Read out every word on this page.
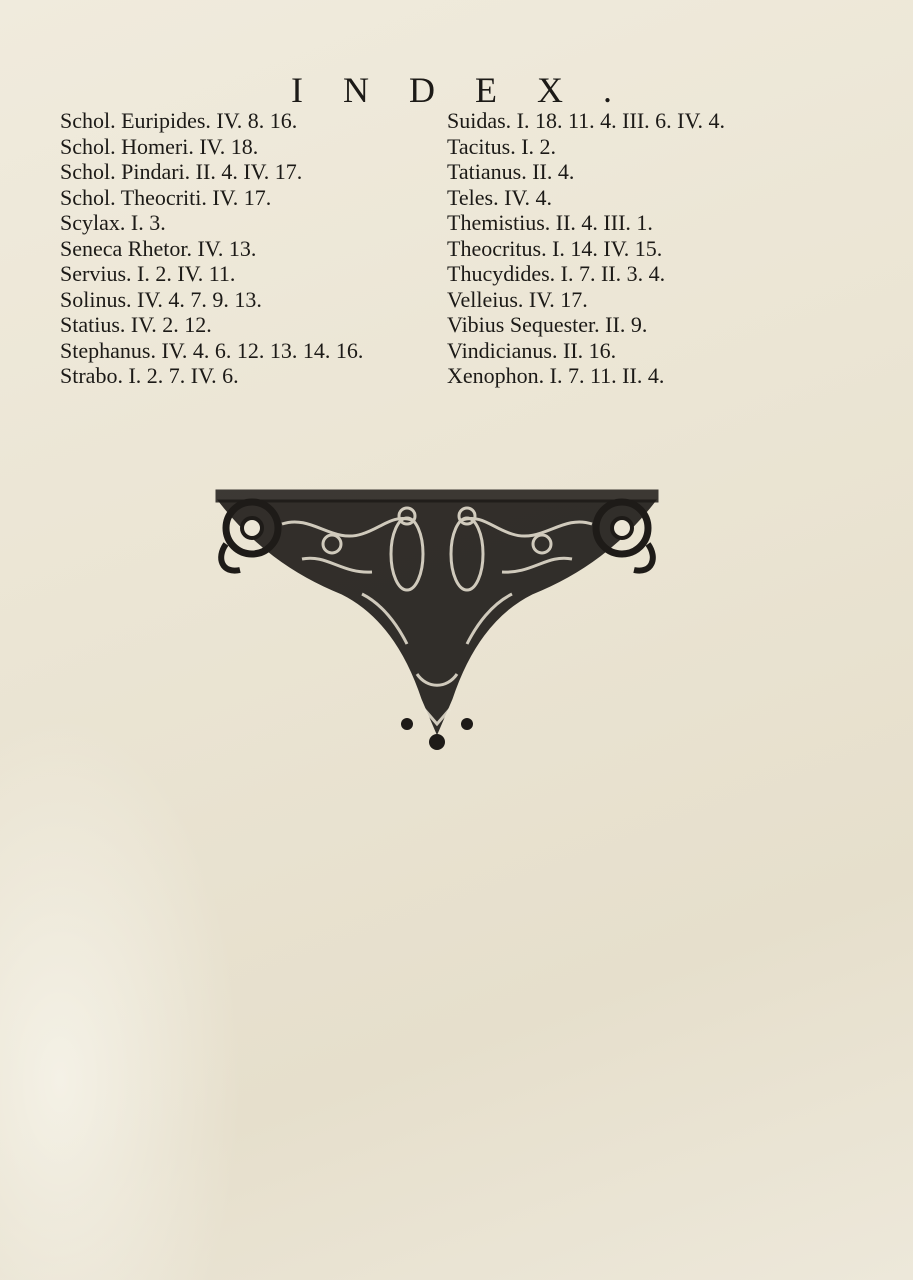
INDEX.
Schol. Euripides. IV. 8. 16.
Schol. Homeri. IV. 18.
Schol. Pindari. II. 4. IV. 17.
Schol. Theocriti. IV. 17.
Scylax. I. 3.
Seneca Rhetor. IV. 13.
Servius. I. 2. IV. 11.
Solinus. IV. 4. 7. 9. 13.
Statius. IV. 2. 12.
Stephanus. IV. 4. 6. 12. 13. 14. 16.
Strabo. I. 2. 7. IV. 6.
Suidas. I. 18. 11. 4. III. 6. IV. 4.
Tacitus. I. 2.
Tatianus. II. 4.
Teles. IV. 4.
Themistius. II. 4. III. 1.
Theocritus. I. 14. IV. 15.
Thucydides. I. 7. II. 3. 4.
Velleius. IV. 17.
Vibius Sequester. II. 9.
Vindicianus. II. 16.
Xenophon. I. 7. 11. II. 4.
